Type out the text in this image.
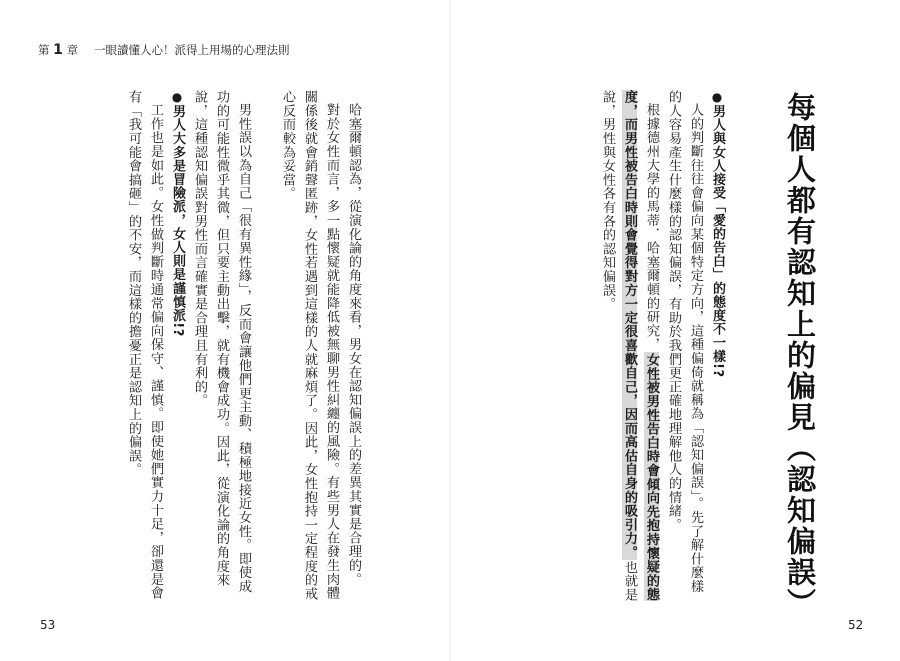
第 1 章 一眼讀懂人心！派得上用場的心理法則

哈塞爾頓認為，從演化論的角度來看，男女在認知偏誤上的差異其實是合理的。

對於女性而言，多一點懷疑就能降低被無聊男性糾纏的風險。有些男人在發生肉體關係後就會銷聲匿跡，女性若遇到這樣的人就麻煩了。因此，女性抱持一定程度的戒心反而較為妥當。

男性誤以為自己「很有異性緣」，反而會讓他們更主動、積極地接近女性。即使成功的可能性微乎其微，但只要主動出擊，就有機會成功。因此，從演化論的角度來說，這種認知偏誤對男性而言確實是合理且有利的。

● 男人大多是冒險派，女人則是謹慎派!?

工作也是如此。女性做判斷時通常偏向保守、謹慎。即使她們實力十足，卻還是會有「我可能會搞砸」的不安，而這樣的擔憂正是認知上的偏誤。	每個人都有認知上的偏見（認知偏誤）

● 男人與女人接受「愛的告白」的態度不一樣!?

人的判斷往往會偏向某個特定方向，這種偏倚就稱為「認知偏誤」。先了解什麼樣的人容易產生什麼樣的認知偏誤，有助於我們更正確地理解他人的情緒。

根據德州大學的馬蒂．哈塞爾頓的研究，女性被男性告白時會傾向先抱持懷疑的態度，而男性被告白時則會覺得對方一定很喜歡自己，因而高估自身的吸引力。也就是說，男性與女性各有各的認知偏誤。

53	52
